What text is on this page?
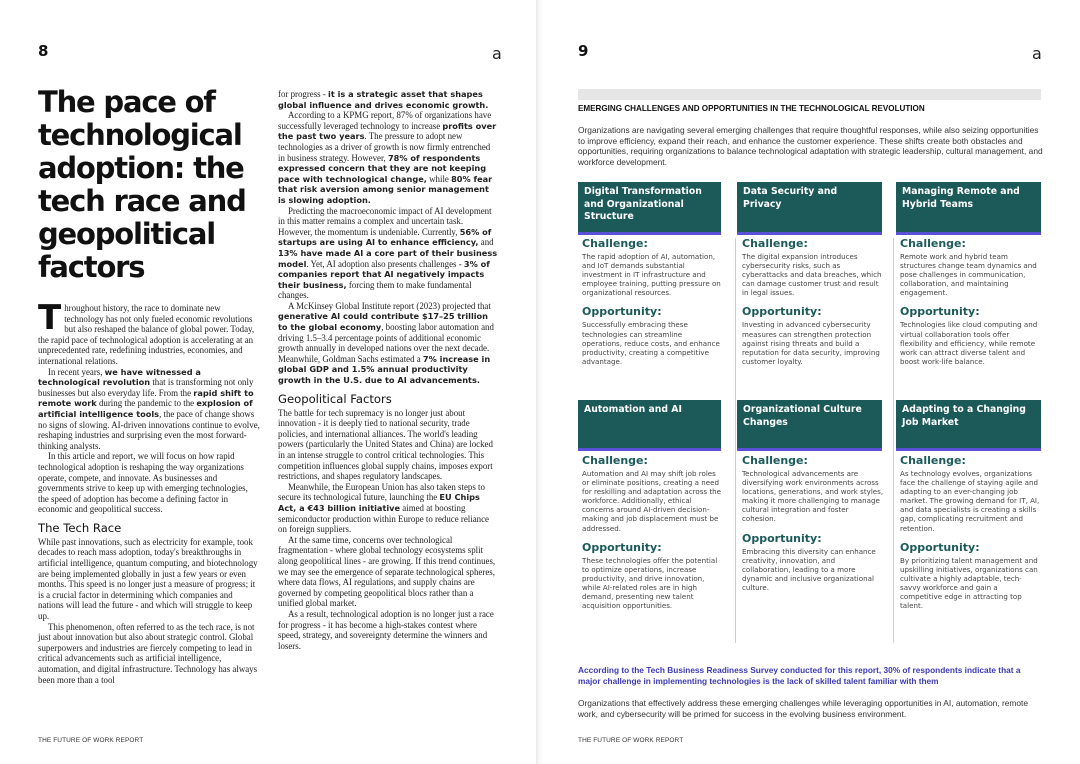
8	a
The pace of technological adoption: the tech race and geopolitical factors

Throughout history, the race to dominate new technology has not only fueled economic revolutions but also reshaped the balance of global power. Today, the rapid pace of technological adoption is accelerating at an unprecedented rate, redefining industries, economies, and international relations.

In recent years, we have witnessed a technological revolution that is transforming not only businesses but also everyday life. From the rapid shift to remote work during the pandemic to the explosion of artificial intelligence tools, the pace of change shows no signs of slowing. AI-driven innovations continue to evolve, reshaping industries and surprising even the most forward-thinking analysts.

In this article and report, we will focus on how rapid technological adoption is reshaping the way organizations operate, compete, and innovate. As businesses and governments strive to keep up with emerging technologies, the speed of adoption has become a defining factor in economic and geopolitical success.

The Tech Race

While past innovations, such as electricity for example, took decades to reach mass adoption, today's breakthroughs in artificial intelligence, quantum computing, and biotechnology are being implemented globally in just a few years or even months. This speed is no longer just a measure of progress; it is a crucial factor in determining which companies and nations will lead the future - and which will struggle to keep up.

This phenomenon, often referred to as the tech race, is not just about innovation but also about strategic control. Global superpowers and industries are fiercely competing to lead in critical advancements such as artificial intelligence, automation, and digital infrastructure. Technology has always been more than a tool

for progress - it is a strategic asset that shapes global influence and drives economic growth.

According to a KPMG report, 87% of organizations have successfully leveraged technology to increase profits over the past two years. The pressure to adopt new technologies as a driver of growth is now firmly entrenched in business strategy. However, 78% of respondents expressed concern that they are not keeping pace with technological change, while 80% fear that risk aversion among senior management is slowing adoption.

Predicting the macroeconomic impact of AI development in this matter remains a complex and uncertain task. However, the momentum is undeniable. Currently, 56% of startups are using AI to enhance efficiency, and 13% have made AI a core part of their business model. Yet, AI adoption also presents challenges - 3% of companies report that AI negatively impacts their business, forcing them to make fundamental changes.

A McKinsey Global Institute report (2023) projected that generative AI could contribute $17–25 trillion to the global economy, boosting labor automation and driving 1.5–3.4 percentage points of additional economic growth annually in developed nations over the next decade. Meanwhile, Goldman Sachs estimated a 7% increase in global GDP and 1.5% annual productivity growth in the U.S. due to AI advancements.

Geopolitical Factors

The battle for tech supremacy is no longer just about innovation - it is deeply tied to national security, trade policies, and international alliances. The world's leading powers (particularly the United States and China) are locked in an intense struggle to control critical technologies. This competition influences global supply chains, imposes export restrictions, and shapes regulatory landscapes.

Meanwhile, the European Union has also taken steps to secure its technological future, launching the EU Chips Act, a €43 billion initiative aimed at boosting semiconductor production within Europe to reduce reliance on foreign suppliers.

At the same time, concerns over technological fragmentation - where global technology ecosystems split along geopolitical lines - are growing. If this trend continues, we may see the emergence of separate technological spheres, where data flows, AI regulations, and supply chains are governed by competing geopolitical blocs rather than a unified global market.

As a result, technological adoption is no longer just a race for progress - it has become a high-stakes contest where speed, strategy, and sovereignty determine the winners and losers.

THE FUTURE OF WORK REPORT
9	a
EMERGING CHALLENGES AND OPPORTUNITIES IN THE TECHNOLOGICAL REVOLUTION

Organizations are navigating several emerging challenges that require thoughtful responses, while also seizing opportunities to improve efficiency, expand their reach, and enhance the customer experience. These shifts create both obstacles and opportunities, requiring organizations to balance technological adaptation with strategic leadership, cultural management, and workforce development.

Digital Transformation and Organizational Structure
Data Security and Privacy
Managing Remote and Hybrid Teams
Challenge:
The rapid adoption of AI, automation, and IoT demands substantial investment in IT infrastructure and employee training, putting pressure on organizational resources.
Opportunity:
Successfully embracing these technologies can streamline operations, reduce costs, and enhance productivity, creating a competitive advantage.
Challenge:
The digital expansion introduces cybersecurity risks, such as cyberattacks and data breaches, which can damage customer trust and result in legal issues.
Opportunity:
Investing in advanced cybersecurity measures can strengthen protection against rising threats and build a reputation for data security, improving customer loyalty.
Challenge:
Remote work and hybrid team structures change team dynamics and pose challenges in communication, collaboration, and maintaining engagement.
Opportunity:
Technologies like cloud computing and virtual collaboration tools offer flexibility and efficiency, while remote work can attract diverse talent and boost work-life balance.
Automation and AI	Organizational Culture Changes
Adapting to a Changing Job Market
Challenge:
Automation and AI may shift job roles or eliminate positions, creating a need for reskilling and adaptation across the workforce. Additionally, ethical concerns around AI-driven decision-making and job displacement must be addressed.
Opportunity:
These technologies offer the potential to optimize operations, increase productivity, and drive innovation, while AI-related roles are in high demand, presenting new talent acquisition opportunities.
Challenge:
Technological advancements are diversifying work environments across locations, generations, and work styles, making it more challenging to manage cultural integration and foster cohesion.
Opportunity:
Embracing this diversity can enhance creativity, innovation, and collaboration, leading to a more dynamic and inclusive organizational culture.
Challenge:
As technology evolves, organizations face the challenge of staying agile and adapting to an ever-changing job market. The growing demand for IT, AI, and data specialists is creating a skills gap, complicating recruitment and retention.
Opportunity:
By prioritizing talent management and upskilling initiatives, organizations can cultivate a highly adaptable, tech-savvy workforce and gain a competitive edge in attracting top talent.

According to the Tech Business Readiness Survey conducted for this report, 30% of respondents indicate that a major challenge in implementing technologies is the lack of skilled talent familiar with them

Organizations that effectively address these emerging challenges while leveraging opportunities in AI, automation, remote work, and cybersecurity will be primed for success in the evolving business environment.

THE FUTURE OF WORK REPORT
